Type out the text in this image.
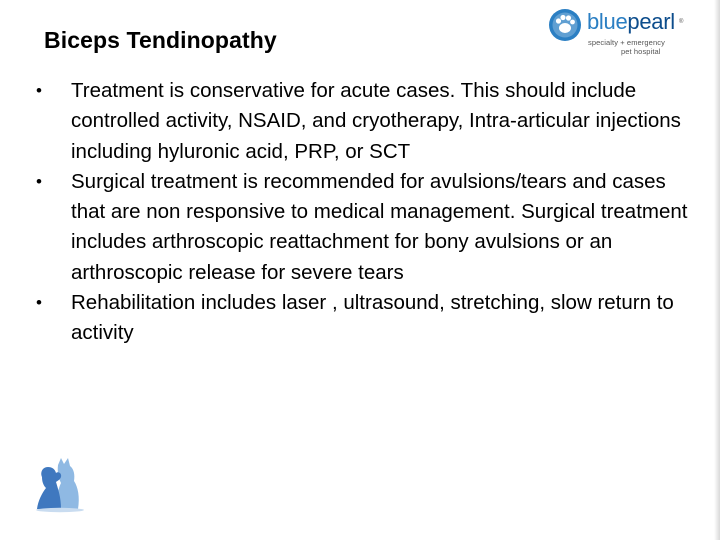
Biceps Tendinopathy
bluepearl ®
specialty + emergency
pet hospital
• Treatment is conservative for acute cases. This should include controlled activity, NSAID, and cryotherapy, Intra-articular injections including hyluronic acid, PRP, or SCT
• Surgical treatment is recommended for avulsions/tears and cases that are non responsive to medical management. Surgical treatment includes arthroscopic reattachment for bony avulsions or an arthroscopic release for severe tears
• Rehabilitation includes laser , ultrasound, stretching, slow return to activity
